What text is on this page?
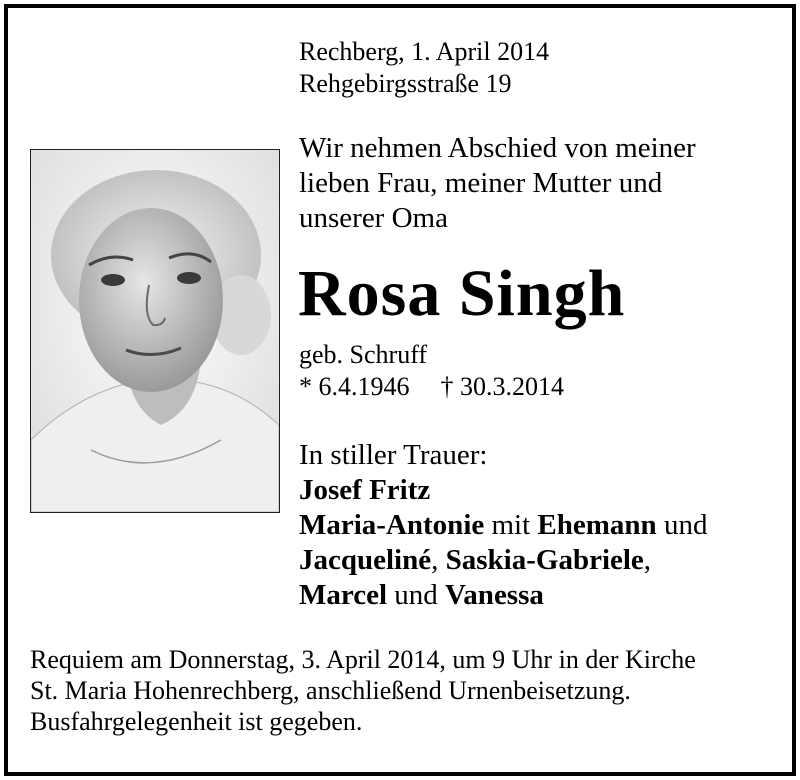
Rechberg, 1. April 2014
Rehgebirgsstraße 19
Wir nehmen Abschied von meiner
lieben Frau, meiner Mutter und
unserer Oma
Rosa Singh
geb. Schruff
* 6.4.1946 † 30.3.2014
In stiller Trauer:
Josef Fritz
Maria-Antonie mit Ehemann und
Jacqueliné, Saskia-Gabriele,
Marcel und Vanessa
Requiem am Donnerstag, 3. April 2014, um 9 Uhr in der Kirche
St. Maria Hohenrechberg, anschließend Urnenbeisetzung.
Busfahrgelegenheit ist gegeben.
